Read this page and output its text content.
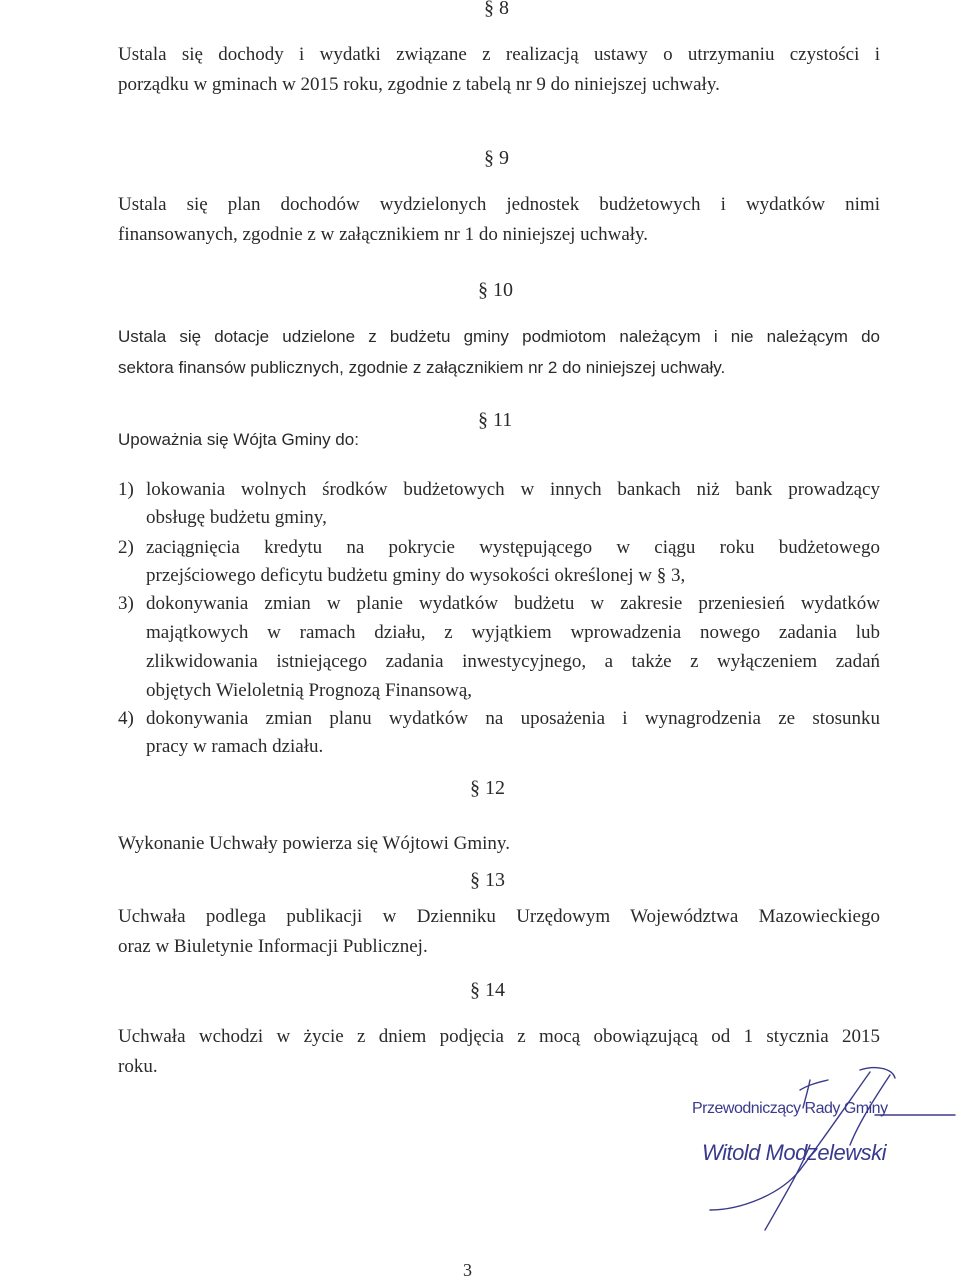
§ 8
Ustala się dochody i wydatki związane z realizacją ustawy o utrzymaniu czystości i
porządku w gminach w 2015 roku, zgodnie z tabelą nr 9 do niniejszej uchwały.
§ 9
Ustala się plan dochodów wydzielonych jednostek budżetowych i wydatków nimi
finansowanych, zgodnie z w załącznikiem nr 1 do niniejszej uchwały.
§ 10
Ustala się dotacje udzielone z budżetu gminy podmiotom należącym i nie należącym do
sektora finansów publicznych, zgodnie z załącznikiem nr 2 do niniejszej uchwały.
§ 11
Upoważnia się Wójta Gminy do:
1) lokowania wolnych środków budżetowych w innych bankach niż bank prowadzący
obsługę budżetu gminy,
2) zaciągnięcia kredytu na pokrycie występującego w ciągu roku budżetowego
przejściowego deficytu budżetu gminy do wysokości określonej w § 3,
3) dokonywania zmian w planie wydatków budżetu w zakresie przeniesień wydatków
majątkowych w ramach działu, z wyjątkiem wprowadzenia nowego zadania lub
zlikwidowania istniejącego zadania inwestycyjnego, a także z wyłączeniem zadań
objętych Wieloletnią Prognozą Finansową,
4) dokonywania zmian planu wydatków na uposażenia i wynagrodzenia ze stosunku
pracy w ramach działu.
§ 12
Wykonanie Uchwały powierza się Wójtowi Gminy.
§ 13
Uchwała podlega publikacji w Dzienniku Urzędowym Województwa Mazowieckiego
oraz w Biuletynie Informacji Publicznej.
§ 14
Uchwała wchodzi w życie z dniem podjęcia z mocą obowiązującą od 1 stycznia 2015
roku.
Przewodniczący Rady Gminy
Witold Modzelewski
3
